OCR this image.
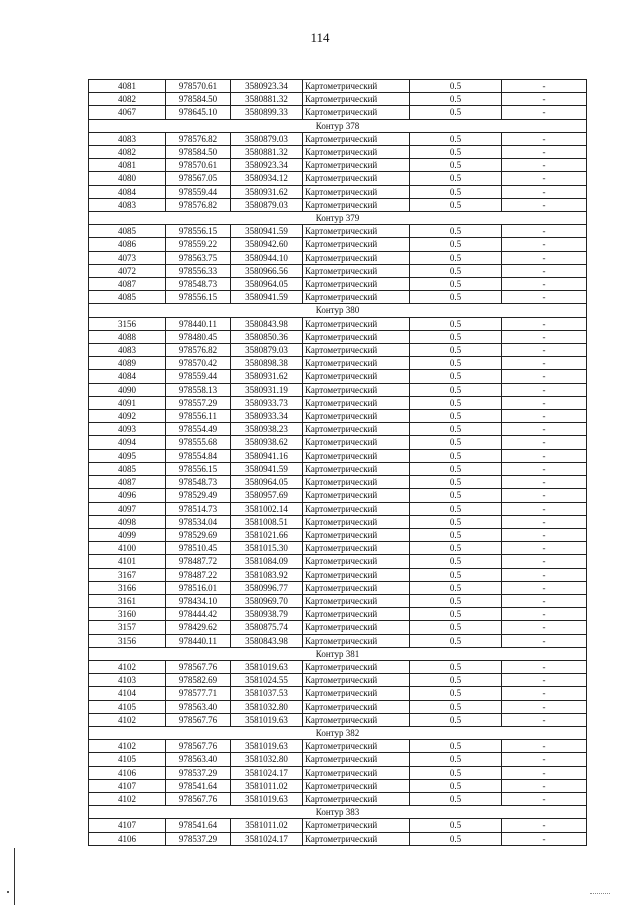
114
4081	978570.61	3580923.34	Картометрический	0.5	-
4082	978584.50	3580881.32	Картометрический	0.5	-
4067	978645.10	3580899.33	Картометрический	0.5	-
Контур 378					
4083	978576.82	3580879.03	Картометрический	0.5	-
4082	978584.50	3580881.32	Картометрический	0.5	-
4081	978570.61	3580923.34	Картометрический	0.5	-
4080	978567.05	3580934.12	Картометрический	0.5	-
4084	978559.44	3580931.62	Картометрический	0.5	-
4083	978576.82	3580879.03	Картометрический	0.5	-
Контур 379					
4085	978556.15	3580941.59	Картометрический	0.5	-
4086	978559.22	3580942.60	Картометрический	0.5	-
4073	978563.75	3580944.10	Картометрический	0.5	-
4072	978556.33	3580966.56	Картометрический	0.5	-
4087	978548.73	3580964.05	Картометрический	0.5	-
4085	978556.15	3580941.59	Картометрический	0.5	-
Контур 380					
3156	978440.11	3580843.98	Картометрический	0.5	-
4088	978480.45	3580850.36	Картометрический	0.5	-
4083	978576.82	3580879.03	Картометрический	0.5	-
4089	978570.42	3580898.38	Картометрический	0.5	-
4084	978559.44	3580931.62	Картометрический	0.5	-
4090	978558.13	3580931.19	Картометрический	0.5	-
4091	978557.29	3580933.73	Картометрический	0.5	-
4092	978556.11	3580933.34	Картометрический	0.5	-
4093	978554.49	3580938.23	Картометрический	0.5	-
4094	978555.68	3580938.62	Картометрический	0.5	-
4095	978554.84	3580941.16	Картометрический	0.5	-
4085	978556.15	3580941.59	Картометрический	0.5	-
4087	978548.73	3580964.05	Картометрический	0.5	-
4096	978529.49	3580957.69	Картометрический	0.5	-
4097	978514.73	3581002.14	Картометрический	0.5	-
4098	978534.04	3581008.51	Картометрический	0.5	-
4099	978529.69	3581021.66	Картометрический	0.5	-
4100	978510.45	3581015.30	Картометрический	0.5	-
4101	978487.72	3581084.09	Картометрический	0.5	-
3167	978487.22	3581083.92	Картометрический	0.5	-
3166	978516.01	3580996.77	Картометрический	0.5	-
3161	978434.10	3580969.70	Картометрический	0.5	-
3160	978444.42	3580938.79	Картометрический	0.5	-
3157	978429.62	3580875.74	Картометрический	0.5	-
3156	978440.11	3580843.98	Картометрический	0.5	-
Контур 381					
4102	978567.76	3581019.63	Картометрический	0.5	-
4103	978582.69	3581024.55	Картометрический	0.5	-
4104	978577.71	3581037.53	Картометрический	0.5	-
4105	978563.40	3581032.80	Картометрический	0.5	-
4102	978567.76	3581019.63	Картометрический	0.5	-
Контур 382					
4102	978567.76	3581019.63	Картометрический	0.5	-
4105	978563.40	3581032.80	Картометрический	0.5	-
4106	978537.29	3581024.17	Картометрический	0.5	-
4107	978541.64	3581011.02	Картометрический	0.5	-
4102	978567.76	3581019.63	Картометрический	0.5	-
Контур 383					
4107	978541.64	3581011.02	Картометрический	0.5	-
4106	978537.29	3581024.17	Картометрический	0.5	-
